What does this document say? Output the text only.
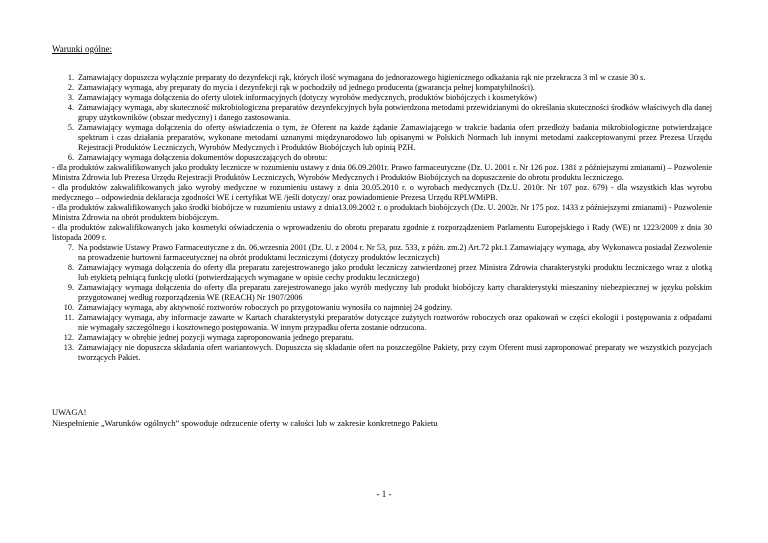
Warunki ogólne:
1. Zamawiający dopuszcza wyłącznie preparaty do dezynfekcji rąk, których ilość wymagana do jednorazowego higienicznego odkażania rąk nie przekracza 3 ml w czasie 30 s.
2. Zamawiający wymaga, aby preparaty do mycia i dezynfekcji rąk w pochodziły od jednego producenta (gwarancja pełnej kompatybilności).
3. Zamawiający wymaga dołączenia do oferty ulotek informacyjnych (dotyczy wyrobów medycznych, produktów biobójczych i kosmetyków)
4. Zamawiający wymaga, aby skuteczność mikrobiologiczna preparatów dezynfekcyjnych była potwierdzona metodami przewidzianymi do określania skuteczności środków właściwych dla danej grupy użytkowników (obszar medyczny) i danego zastosowania.
5. Zamawiający wymaga dołączenia do oferty oświadczenia o tym, że Oferent na każde żądanie Zamawiającego w trakcie badania ofert przedłoży badania mikrobiologiczne potwierdzające spektrum i czas działania preparatów, wykonane metodami uznanymi międzynarodowo lub opisanymi w Polskich Normach lub innymi metodami zaakceptowanymi przez Prezesa Urzędu Rejestracji Produktów Leczniczych, Wyrobów Medycznych i Produktów Biobójczych lub opinią PZH.
6. Zamawiający wymaga dołączenia dokumentów dopuszczających do obrotu:
- dla produktów zakwalifikowanych jako produkty lecznicze w rozumieniu ustawy z dnia 06.09.2001r. Prawo farmaceutyczne (Dz. U. 2001 r. Nr 126 poz. 1381 z późniejszymi zmianami) – Pozwolenie Ministra Zdrowia lub Prezesa Urzędu Rejestracji Produktów Leczniczych, Wyrobów Medycznych i Produktów Biobójczych na dopuszczenie do obrotu produktu leczniczego.
- dla produktów zakwalifikowanych jako wyroby medyczne w rozumieniu ustawy z dnia 20.05.2010 r. o wyrobach medycznych (Dz.U. 2010r. Nr 107 poz. 679) - dla wszystkich klas wyrobu medycznego – odpowiednia deklaracja zgodności WE i certyfikat WE /jeśli dotyczy/ oraz powiadomienie Prezesa Urzędu RPLWMiPB.
- dla produktów zakwalifikowanych jako środki biobójcze w rozumieniu ustawy z dnia13.09.2002 r. o produktach biobójczych (Dz. U. 2002r. Nr 175 poz. 1433 z późniejszymi zmianami) - Pozwolenie Ministra Zdrowia na obrót produktem biobójczym.
- dla produktów zakwalifikowanych jako kosmetyki oświadczenia o wprowadzeniu do obrotu preparatu zgodnie z rozporządzeniem Parlamentu Europejskiego i Rady (WE) nr 1223/2009 z dnia 30 listopada 2009 r.
7. Na podstawie Ustawy Prawo Farmaceutyczne z dn. 06.wrzesnia 2001 (Dz. U. z 2004 r. Nr 53, poz. 533, z późn. zm.2) Art.72 pkt.1 Zamawiający wymaga, aby Wykonawca posiadał Zezwolenie na prowadzenie hurtowni farmaceutycznej na obrót produktami leczniczymi (dotyczy produktów leczniczych)
8. Zamawiający wymaga dołączenia do oferty dla preparatu zarejestrowanego jako produkt leczniczy zatwierdzonej przez Ministra Zdrowia charakterystyki produktu leczniczego wraz z ulotką lub etykietą pełniącą funkcję ulotki (potwierdzających wymagane w opisie cechy produktu leczniczego)
9. Zamawiający wymaga dołączenia do oferty dla preparatu zarejestrowanego jako wyrób medyczny lub produkt biobójczy karty charakterystyki mieszaniny niebezpiecznej w języku polskim przygotowanej według rozporządzenia WE (REACH) Nr 1907/2006
10. Zamawiający wymaga, aby aktywność roztworów roboczych po przygotowaniu wynosiła co najmniej 24 godziny.
11. Zamawiający wymaga, aby informacje zawarte w Kartach charakterystyki preparatów dotyczące zużytych roztworów roboczych oraz opakowań w części ekologii i postępowania z odpadami nie wymagały szczególnego i kosztownego postępowania. W innym przypadku oferta zostanie odrzucona.
12. Zamawiający w obrębie jednej pozycji wymaga zaproponowania jednego preparatu.
13. Zamawiający nie dopuszcza składania ofert wariantowych. Dopuszcza się składanie ofert na poszczególne Pakiety, przy czym Oferent musi zaproponować preparaty we wszystkich pozycjach tworzących Pakiet.
UWAGA!
Niespełnienie „Warunków ogólnych” spowoduje odrzucenie oferty w całości lub w zakresie konkretnego Pakietu
- 1 -
